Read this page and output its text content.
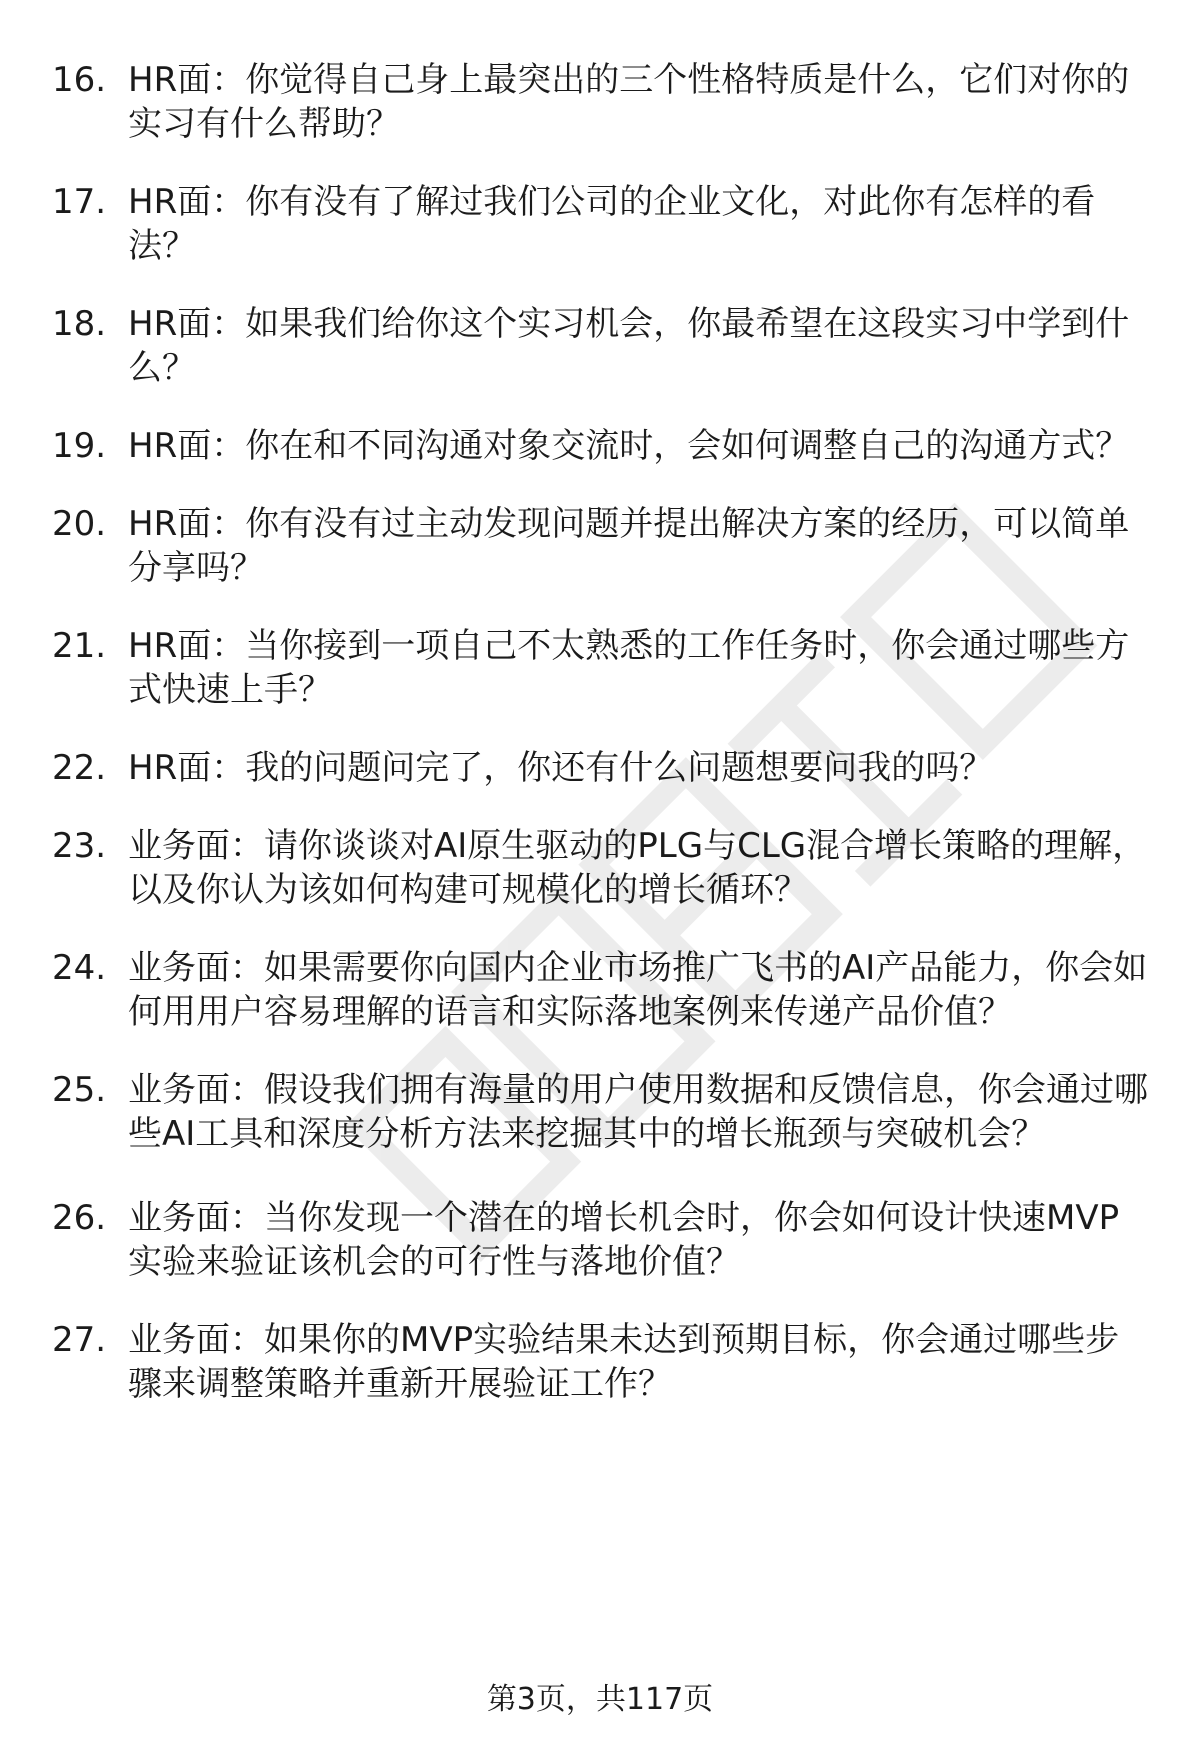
16. HR面：你觉得自己身上最突出的三个性格特质是什么，它们对你的实习有什么帮助？
17. HR面：你有没有了解过我们公司的企业文化，对此你有怎样的看法？
18. HR面：如果我们给你这个实习机会，你最希望在这段实习中学到什么？
19. HR面：你在和不同沟通对象交流时，会如何调整自己的沟通方式？
20. HR面：你有没有过主动发现问题并提出解决方案的经历，可以简单分享吗？
21. HR面：当你接到一项自己不太熟悉的工作任务时，你会通过哪些方式快速上手？
22. HR面：我的问题问完了，你还有什么问题想要问我的吗？
23. 业务面：请你谈谈对AI原生驱动的PLG与CLG混合增长策略的理解，以及你认为该如何构建可规模化的增长循环？
24. 业务面：如果需要你向国内企业市场推广飞书的AI产品能力，你会如何用用户容易理解的语言和实际落地案例来传递产品价值？
25. 业务面：假设我们拥有海量的用户使用数据和反馈信息，你会通过哪些AI工具和深度分析方法来挖掘其中的增长瓶颈与突破机会？
26. 业务面：当你发现一个潜在的增长机会时，你会如何设计快速MVP实验来验证该机会的可行性与落地价值？
27. 业务面：如果你的MVP实验结果未达到预期目标，你会通过哪些步骤来调整策略并重新开展验证工作？
第3页，共117页
